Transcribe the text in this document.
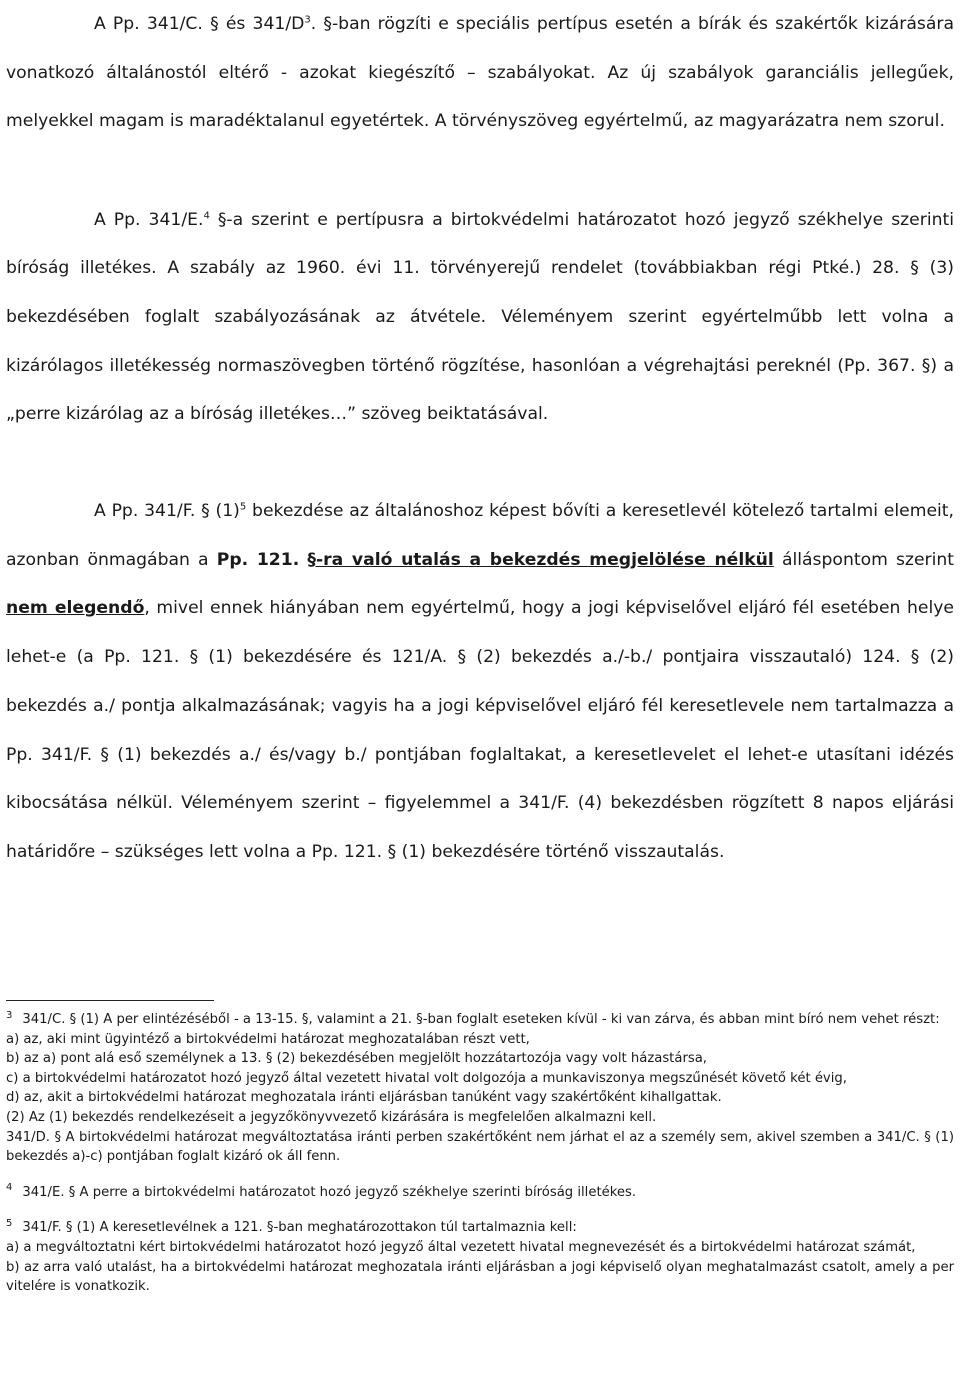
A Pp. 341/C. § és $341/D^3$. §-ban rögzíti e speciális pertípus esetén a bírák és szakértők kizárására vonatkozó általánostól eltérő - azokat kiegészítő – szabályokat. Az új szabályok garanciális jellegűek, melyekkel magam is maradéktalanul egyetértek. A törvényszöveg egyértelmű, az magyarázatra nem szorul.

A Pp. 341/E.$^4$ §-a szerint e pertípusra a birtokvédelmi határozatot hozó jegyző székhelye szerinti bíróság illetékes. A szabály az 1960. évi 11. törvényerejű rendelet (továbbiakban régi Ptké.) 28. § (3) bekezdésében foglalt szabályozásának az átvétele. Véleményem szerint egyértelműbb lett volna a kizárólagos illetékesség normaszövegben történő rögzítése, hasonlóan a végrehajtási pereknél (Pp. 367. §) a „perre kizárólag az a bíróság illetékes…” szöveg beiktatásával.

A Pp. 341/F. § $(1)^5$ bekezdése az általánoshoz képest bővíti a keresetlevél kötelező tartalmi elemeit, azonban önmagában a Pp. 121. §-ra való utalás a bekezdés megjelölése nélkül álláspontom szerint nem elegendő, mivel ennek hiányában nem egyértelmű, hogy a jogi képviselővel eljáró fél esetében helye lehet-e (a Pp. 121. § (1) bekezdésére és 121/A. § (2) bekezdés a./-b./ pontjaira visszautaló) 124. § (2) bekezdés a./ pontja alkalmazásának; vagyis ha a jogi képviselővel eljáró fél keresetlevele nem tartalmazza a Pp. 341/F. § (1) bekezdés a./ és/vagy b./ pontjában foglaltakat, a keresetlevelet el lehet-e utasítani idézés kibocsátása nélkül. Véleményem szerint – figyelemmel a 341/F. (4) bekezdésben rögzített 8 napos eljárási határidőre – szükséges lett volna a Pp. 121. § (1) bekezdésére történő visszautalás.

$^3$ 341/C. § (1) A per elintézéséből - a 13-15. §, valamint a 21. §-ban foglalt eseteken kívül - ki van zárva, és abban mint bíró nem vehet részt:

a) az, aki mint ügyintéző a birtokvédelmi határozat meghozatalában részt vett,

b) az a) pont alá eső személynek a 13. § (2) bekezdésében megjelölt hozzátartozója vagy volt házastársa,

c) a birtokvédelmi határozatot hozó jegyző által vezetett hivatal volt dolgozója a munkaviszonya megszűnését követő két évig,

d) az, akit a birtokvédelmi határozat meghozatala iránti eljárásban tanúként vagy szakértőként kihallgattak.

(2) Az (1) bekezdés rendelkezéseit a jegyzőkönyvvezető kizárására is megfelelően alkalmazni kell.

341/D. § A birtokvédelmi határozat megváltoztatása iránti perben szakértőként nem járhat el az a személy sem, akivel szemben a 341/C. § (1) bekezdés a)-c) pontjában foglalt kizáró ok áll fenn.

$^4$ 341/E. § A perre a birtokvédelmi határozatot hozó jegyző székhelye szerinti bíróság illetékes.

$^5$ 341/F. § (1) A keresetlevélnek a 121. §-ban meghatározottakon túl tartalmaznia kell:

a) a megváltoztatni kért birtokvédelmi határozatot hozó jegyző által vezetett hivatal megnevezését és a birtokvédelmi határozat számát,

b) az arra való utalást, ha a birtokvédelmi határozat meghozatala iránti eljárásban a jogi képviselő olyan meghatalmazást csatolt, amely a per vitelére is vonatkozik.
